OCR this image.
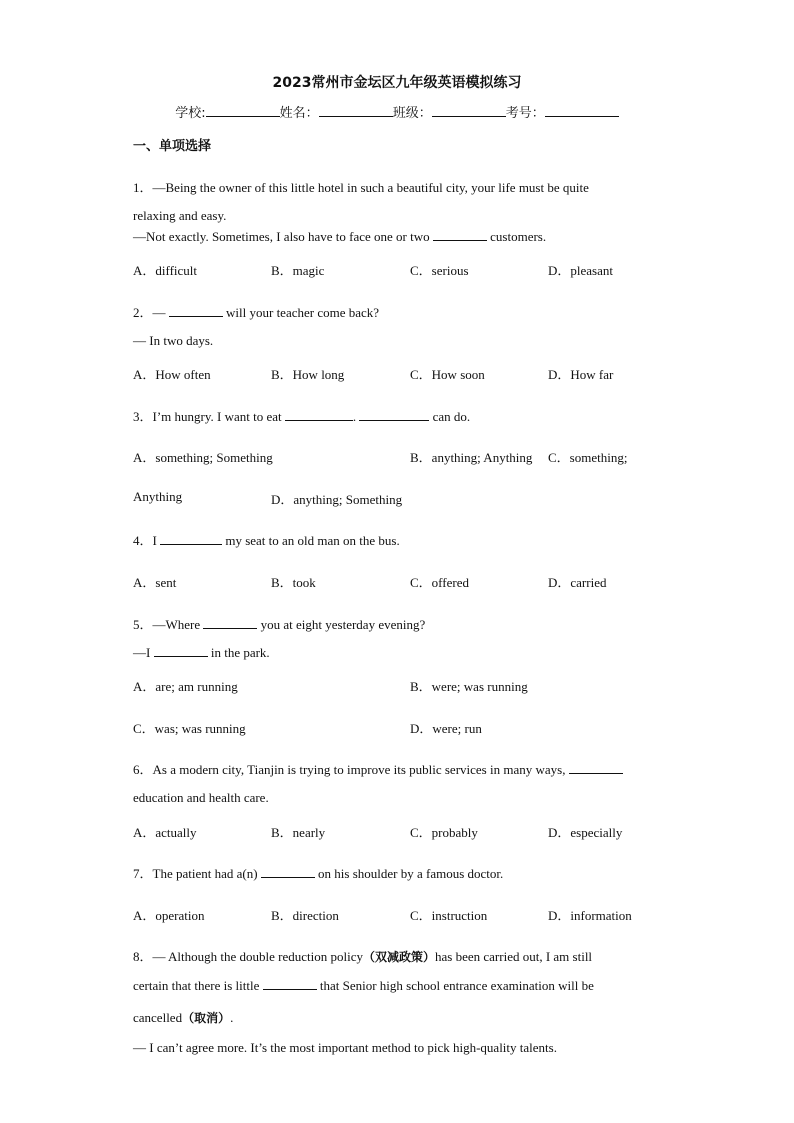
2023常州市金坛区九年级英语模拟练习
学校:	姓名：	班级：	考号：
一、单项选择
1．—Being the owner of this little hotel in such a beautiful city, your life must be quite
relaxing and easy.
—Not exactly. Sometimes, I also have to face one or two	customers.
A．difficult	B．magic	C．serious	D．pleasant
2．—	will your teacher come back?
— In two days.
A．How often	B．How long	C．How soon	D．How far
3．I’m hungry. I want to eat	.	can do.
A．something; Something	B．anything; Anything C．something;
Anything	D．anything; Something
4．I	my seat to an old man on the bus.
A．sent	B．took	C．offered	D．carried
5．—Where	you at eight yesterday evening?
—I	in the park.
A．are; am running	B．were; was running
C．was; was running	D．were; run
6．As a modern city, Tianjin is trying to improve its public services in many ways,
education and health care.
A．actually	B．nearly	C．probably	D．especially
7．The patient had a(n)	on his shoulder by a famous doctor.
A．operation	B．direction	C．instruction	D．information
8．— Although the double reduction policy（双减政策）has been carried out, I am still
certain that there is little	that Senior high school entrance examination will be
cancelled（取消）.
— I can’t agree more. It’s the most important method to pick high-quality talents.
